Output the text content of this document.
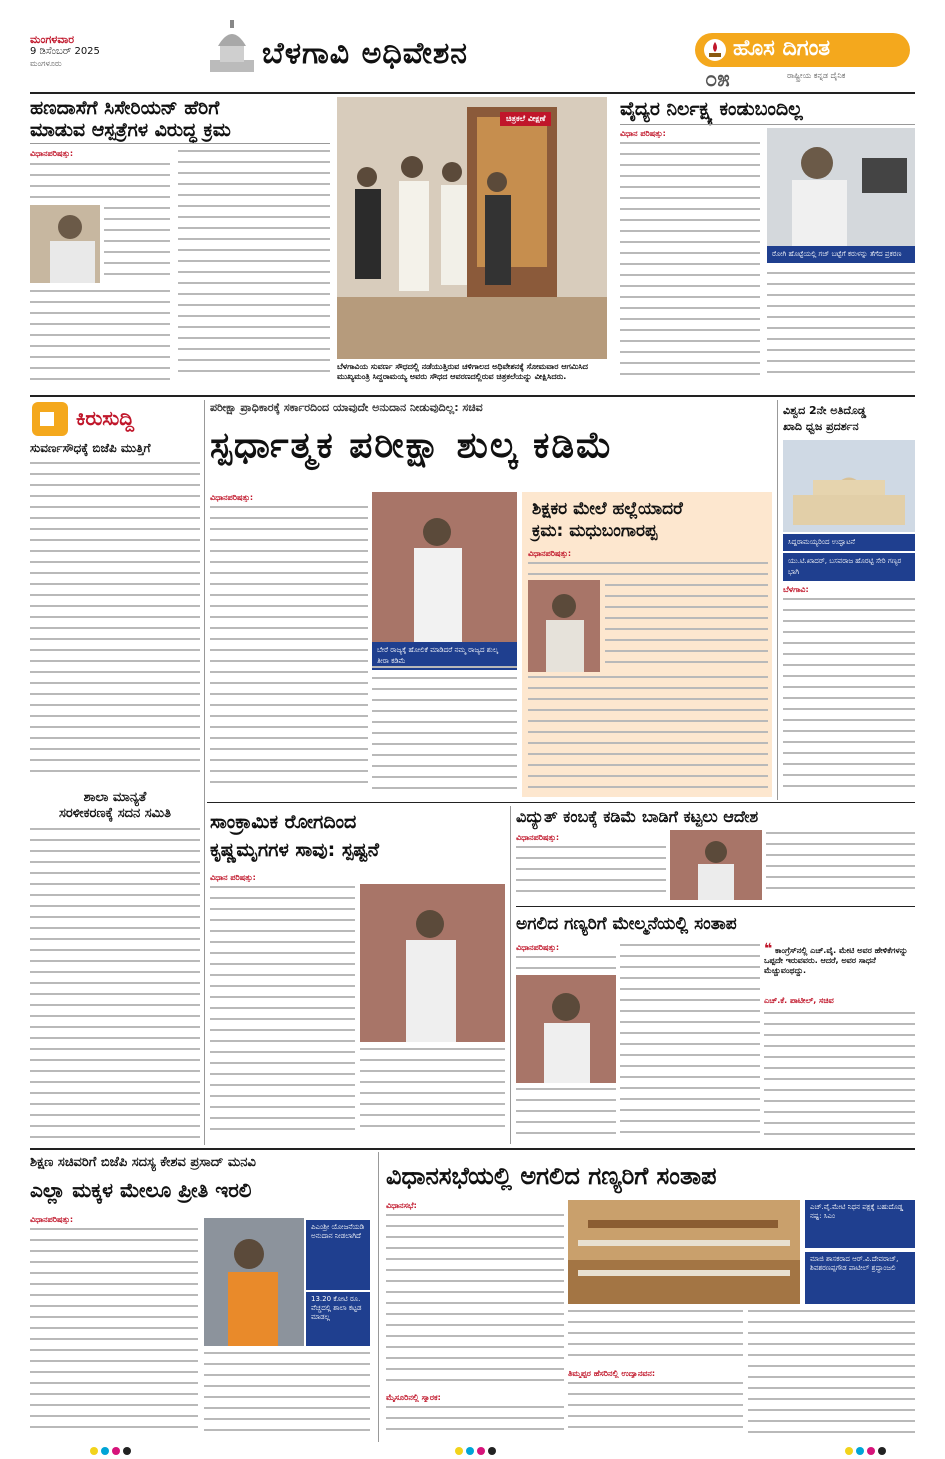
ಮಂಗಳವಾರ
9 ಡಿಸೆಂಬರ್ 2025
ಮಂಗಳೂರು	ಬೆಳಗಾವಿ ಅಧಿವೇಶನ	ಹೊಸ ದಿಗಂತ
೦೫	ರಾಷ್ಟ್ರೀಯ ಕನ್ನಡ ದೈನಿಕ
ಹಣದಾಸೆಗೆ ಸಿಸೇರಿಯನ್ ಹೆರಿಗೆ
ಮಾಡುವ ಆಸ್ಪತ್ರೆಗಳ ವಿರುದ್ಧ ಕ್ರಮ
ವಿಧಾನಪರಿಷತ್ತು:
ಚಿತ್ರಕಲೆ ವೀಕ್ಷಣೆ
ಬೆಳಗಾವಿಯ ಸುವರ್ಣ ಸೌಧದಲ್ಲಿ ನಡೆಯುತ್ತಿರುವ ಚಳಿಗಾಲದ ಅಧಿವೇಶನಕ್ಕೆ ಸೋಮವಾರ ಆಗಮಿಸಿದ ಮುಖ್ಯಮಂತ್ರಿ ಸಿದ್ದರಾಮಯ್ಯ ಅವರು ಸೌಧದ ಆವರಣದಲ್ಲಿರುವ ಚಿತ್ರಕಲೆಯನ್ನು ವೀಕ್ಷಿಸಿದರು.
ವೈದ್ಯರ ನಿರ್ಲಕ್ಷ್ಯ ಕಂಡುಬಂದಿಲ್ಲ
ವಿಧಾನ ಪರಿಷತ್ತು:
ರೋಗಿ ಹೊಟ್ಟೆಯಲ್ಲಿ ಗಜ್ ಬಟ್ಟೆಗೆ ಕರುಳನ್ನು ತೆಗೆದ ಪ್ರಕರಣ
ಕಿರುಸುದ್ದಿ
ಸುವರ್ಣಸೌಧಕ್ಕೆ ಬಿಜೆಪಿ ಮುತ್ತಿಗೆ
ಶಾಲಾ ಮಾನ್ಯತೆ
ಸರಳೀಕರಣಕ್ಕೆ ಸದನ ಸಮಿತಿ
ಪರೀಕ್ಷಾ ಪ್ರಾಧಿಕಾರಕ್ಕೆ ಸರ್ಕಾರದಿಂದ ಯಾವುದೇ ಅನುದಾನ ನೀಡುವುದಿಲ್ಲ: ಸಚಿವ
ಸ್ಪರ್ಧಾತ್ಮಕ ಪರೀಕ್ಷಾ ಶುಲ್ಕ ಕಡಿಮೆ
ವಿಧಾನಪರಿಷತ್ತು:
ಬೇರೆ ರಾಜ್ಯಕ್ಕೆ ಹೋಲಿಕೆ ಮಾಡಿದರೆ ನಮ್ಮ ರಾಜ್ಯದ ಶುಲ್ಕ ತೀರಾ ಕಡಿಮೆ
ಶಿಕ್ಷಕರ ಮೇಲೆ ಹಲ್ಲೆಯಾದರೆ
ಕ್ರಮ: ಮಧುಬಂಗಾರಪ್ಪ
ವಿಧಾನಪರಿಷತ್ತು:
ವಿಶ್ವದ 2ನೇ ಅತಿದೊಡ್ಡ
ಖಾದಿ ಧ್ವಜ ಪ್ರದರ್ಶನ
ಸಿದ್ದರಾಮಯ್ಯರಿಂದ ಉದ್ಘಾಟನೆ
ಯು.ಟಿ.ಖಾದರ್, ಬಸವರಾಜ ಹೊರಟ್ಟಿ ಸೇರಿ ಗಣ್ಯರ ಭಾಗಿ
ಬೆಳಗಾವಿ:
ಸಾಂಕ್ರಾಮಿಕ ರೋಗದಿಂದ
ಕೃಷ್ಣಮೃಗಗಳ ಸಾವು: ಸ್ಪಷ್ಟನೆ
ವಿಧಾನ ಪರಿಷತ್ತು:
ವಿದ್ಯುತ್ ಕಂಬಕ್ಕೆ ಕಡಿಮೆ ಬಾಡಿಗೆ ಕಟ್ಟಲು ಆದೇಶ
ವಿಧಾನಪರಿಷತ್ತು:
ಅಗಲಿದ ಗಣ್ಯರಿಗೆ ಮೇಲ್ಮನೆಯಲ್ಲಿ ಸಂತಾಪ
ವಿಧಾನಪರಿಷತ್ತು:	❝ ಕಾಂಗ್ರೆಸ್‌ನಲ್ಲಿ ಎಚ್.ವೈ. ಮೇಟಿ ಅವರ ಹೇಳಿಕೆಗಳನ್ನು ಒಪ್ಪದೇ ಇರುವವರು. ಆದರೆ, ಅವರ ಸಾಧನೆ ಮೆಚ್ಚುವಂಥದ್ದು.
ಎಚ್.ಕೆ. ಪಾಟೀಲ್, ಸಚಿವ
ಶಿಕ್ಷಣ ಸಚಿವರಿಗೆ ಬಿಜೆಪಿ ಸದಸ್ಯ ಕೇಶವ ಪ್ರಸಾದ್ ಮನವಿ
ಎಲ್ಲಾ ಮಕ್ಕಳ ಮೇಲೂ ಪ್ರೀತಿ ಇರಲಿ
ವಿಧಾನಪರಿಷತ್ತು:
ಪಿಎಂಶ್ರೀ ಯೋಜನೆಯಡಿ ಅನುದಾನ ನೀಡಲಾಗಿದೆ
13.20 ಕೋಟಿ ರೂ. ವೆಚ್ಚದಲ್ಲಿ ಶಾಲಾ ಕಟ್ಟಡ ಮಾಡಲ್ಲ
ವಿಧಾನಸಭೆಯಲ್ಲಿ ಅಗಲಿದ ಗಣ್ಯರಿಗೆ ಸಂತಾಪ
ವಿಧಾನಸಭೆ:
ಮೈಸೂರಿನಲ್ಲಿ ಸ್ಮಾರಕ:
ಎಚ್.ವೈ.ಮೇಟಿ ನಿಧನ ಪಕ್ಷಕ್ಕೆ ಬಹುದೊಡ್ಡ ನಷ್ಟ: ಸಿಎಂ
ಮಾಜಿ ಶಾಸಕರಾದ ಆರ್.ವಿ.ದೇವರಾಜ್, ಶಿವಶರಣಪ್ಪಗೌಡ ಪಾಟೀಲ್ ಶ್ರದ್ಧಾಂಜಲಿ
ತಿಮ್ಮಪ್ಪರ ಹೆಸರಿನಲ್ಲಿ ಉದ್ಯಾನವನ:
